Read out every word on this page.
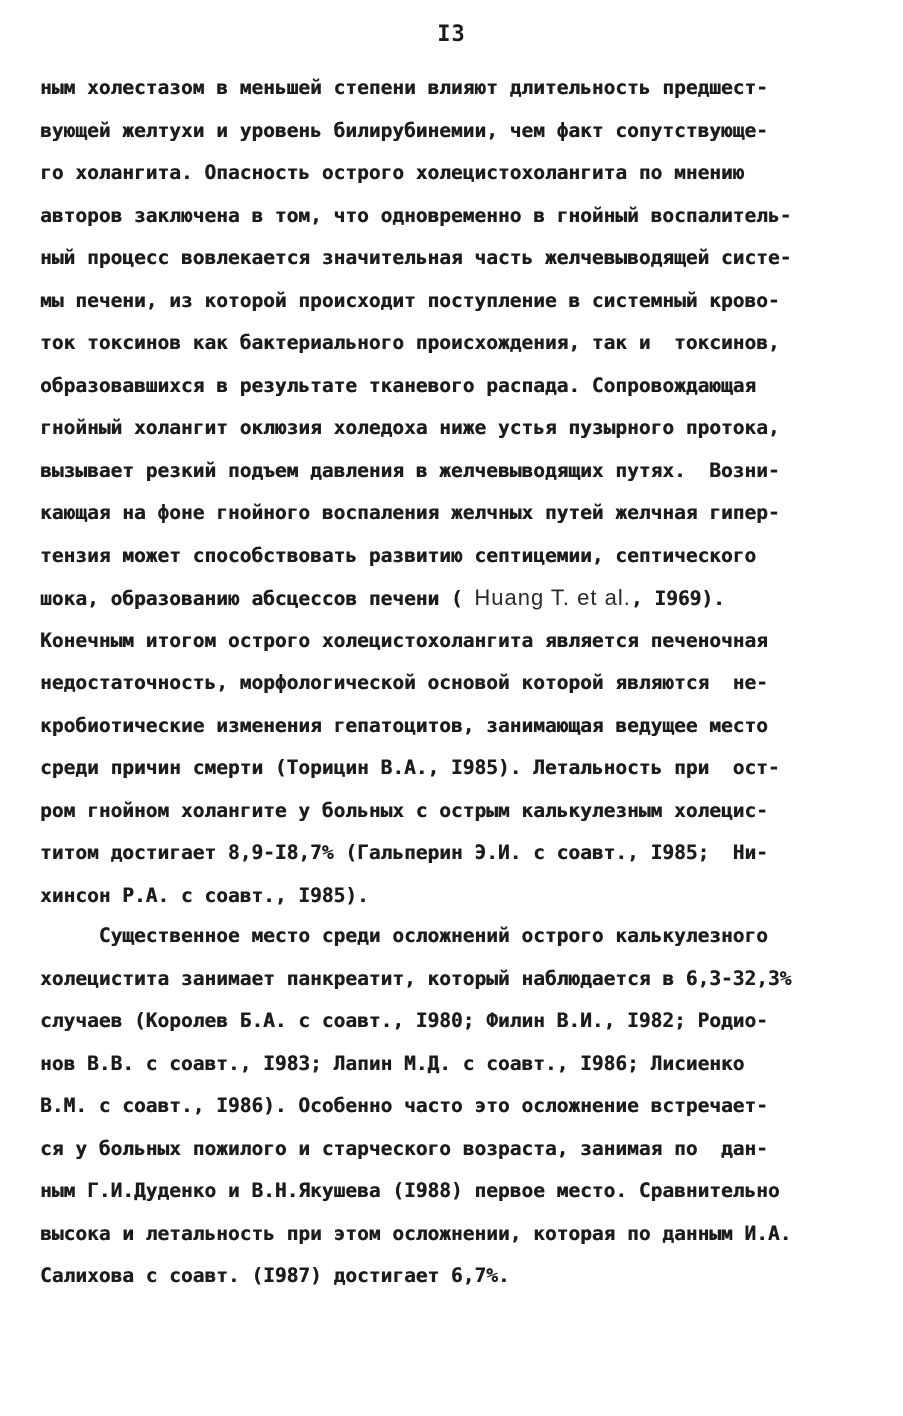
I3
ным холестазом в меньшей степени влияют длительность предшест-
вующей желтухи и уровень билирубинемии, чем факт сопутствующе-
го холангита. Опасность острого холецистохолангита по мнению
авторов заключена в том, что одновременно в гнойный воспалитель-
ный процесс вовлекается значительная часть желчевыводящей систе-
мы печени, из которой происходит поступление в системный крово-
ток токсинов как бактериального происхождения, так и  токсинов,
образовавшихся в результате тканевого распада. Сопровождающая
гнойный холангит оклюзия холедоха ниже устья пузырного протока,
вызывает резкий подъем давления в желчевыводящих путях.  Возни-
кающая на фоне гнойного воспаления желчных путей желчная гипер-
тензия может способствовать развитию септицемии, септического
шока, образованию абсцессов печени ( Huang T. et al., I969).
Конечным итогом острого холецистохолангита является печеночная
недостаточность, морфологической основой которой являются  не-
кробиотические изменения гепатоцитов, занимающая ведущее место
среди причин смерти (Торицин В.А., I985). Летальность при  ост-
ром гнойном холангите у больных с острым калькулезным холецис-
титом достигает 8,9-I8,7% (Гальперин Э.И. с соавт., I985;  Ни-
хинсон Р.А. с соавт., I985).
Существенное место среди осложнений острого калькулезного
холецистита занимает панкреатит, который наблюдается в 6,3-32,3%
случаев (Королев Б.А. с соавт., I980; Филин В.И., I982; Родио-
нов В.В. с соавт., I983; Лапин М.Д. с соавт., I986; Лисиенко
В.М. с соавт., I986). Особенно часто это осложнение встречает-
ся у больных пожилого и старческого возраста, занимая по  дан-
ным Г.И.Дуденко и В.Н.Якушева (I988) первое место. Сравнительно
высока и летальность при этом осложнении, которая по данным И.А.
Салихова с соавт. (I987) достигает 6,7%.
